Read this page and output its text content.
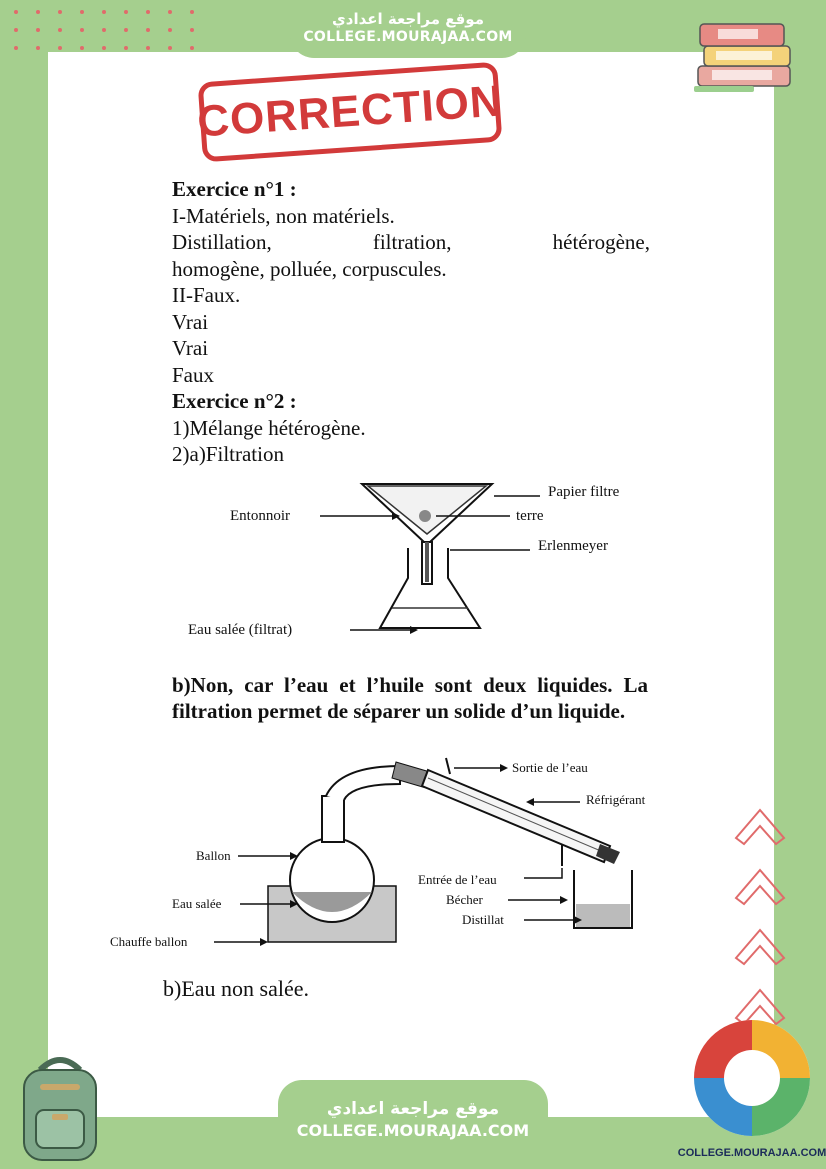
موقع مراجعة اعدادي
COLLEGE.MOURAJAA.COM
CORRECTION
Exercice n°1 :
I-Matériels, non matériels.
Distillation,	filtration,	hétérogène,
homogène, polluée, corpuscules.
II-Faux.
Vrai
Vrai
Faux
Exercice n°2 :
1)Mélange hétérogène.
2)a)Filtration
Papier filtre
Entonnoir	terre
Erlenmeyer
Eau salée (filtrat)
b)Non, car l’eau et l’huile sont deux liquides. La filtration permet de séparer un solide d’un liquide.
Sortie de l’eau
Réfrigérant
Ballon
Eau salée
Entrée de l’eau
Bécher
Distillat
Chauffe ballon
b)Eau non salée.
موقع مراجعة اعدادي
COLLEGE.MOURAJAA.COM
COLLEGE.MOURAJAA.COM
